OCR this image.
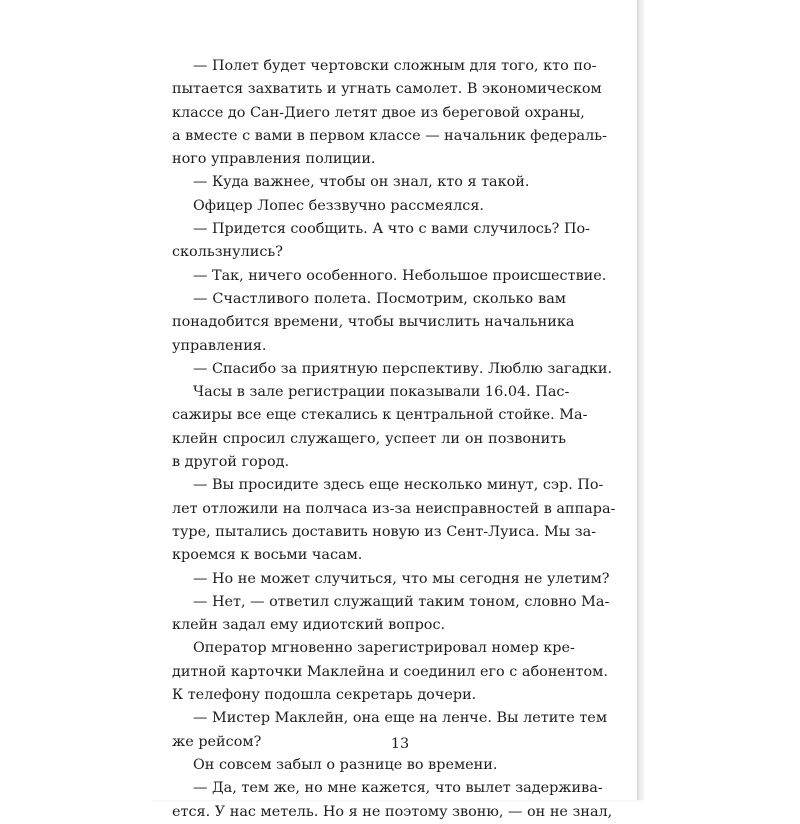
— Полет будет чертовски сложным для того, кто по-
пытается захватить и угнать самолет. В экономическом
классе до Сан-Диего летят двое из береговой охраны,
а вместе с вами в первом классе — начальник федераль-
ного управления полиции.
— Куда важнее, чтобы он знал, кто я такой.
Офицер Лопес беззвучно рассмеялся.
— Придется сообщить. А что с вами случилось? По-
скользнулись?
— Так, ничего особенного. Небольшое происшествие.
— Счастливого полета. Посмотрим, сколько вам
понадобится времени, чтобы вычислить начальника
управления.
— Спасибо за приятную перспективу. Люблю загадки.
Часы в зале регистрации показывали 16.04. Пас-
сажиры все еще стекались к центральной стойке. Ма-
клейн спросил служащего, успеет ли он позвонить
в другой город.
— Вы просидите здесь еще несколько минут, сэр. По-
лет отложили на полчаса из-за неисправностей в аппара-
туре, пытались доставить новую из Сент-Луиса. Мы за-
кроемся к восьми часам.
— Но не может случиться, что мы сегодня не улетим?
— Нет, — ответил служащий таким тоном, словно Ма-
клейн задал ему идиотский вопрос.
Оператор мгновенно зарегистрировал номер кре-
дитной карточки Маклейна и соединил его с абонентом.
К телефону подошла секретарь дочери.
— Мистер Маклейн, она еще на ленче. Вы летите тем
же рейсом?
Он совсем забыл о разнице во времени.
— Да, тем же, но мне кажется, что вылет задерживa-
ется. У нас метель. Но я не поэтому звоню, — он не знал,
13
